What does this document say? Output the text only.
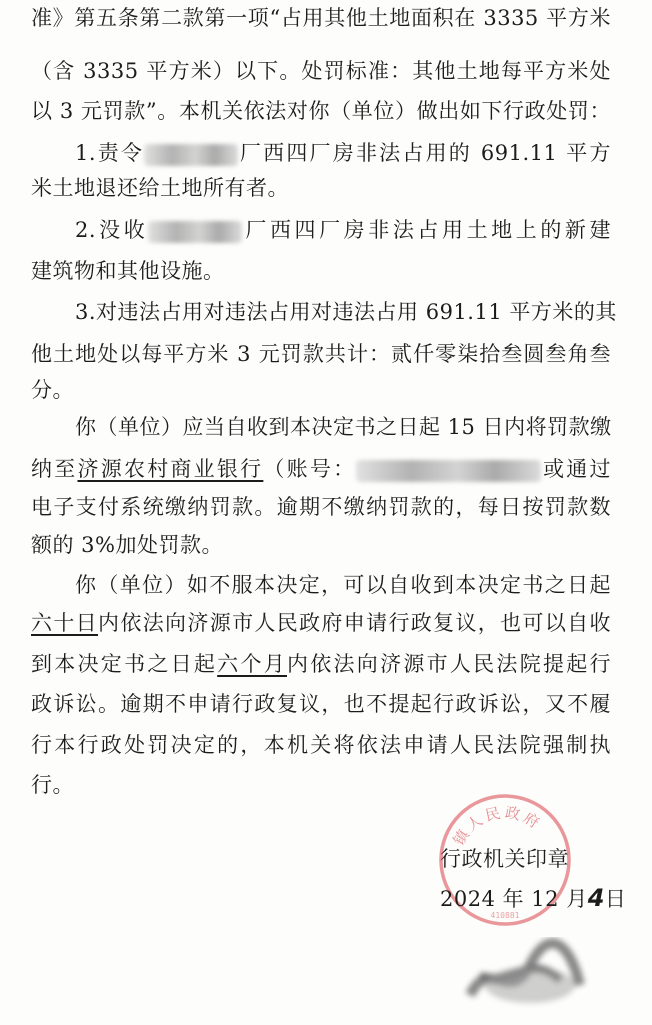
准》第五条第二款第一项“占用其他土地面积在 3335 平方米
（含 3335 平方米）以下。处罚标准：其他土地每平方米处
以 3 元罚款”。本机关依法对你（单位）做出如下行政处罚：
1.责令	厂西四厂房非法占用的 691.11 平方
米土地退还给土地所有者。
2.没收	厂西四厂房非法占用土地上的新建
建筑物和其他设施。
3.对违法占用对违法占用对违法占用 691.11 平方米的其
他土地处以每平方米 3 元罚款共计：贰仟零柒拾叁圆叁角叁
分。
你（单位）应当自收到本决定书之日起 15 日内将罚款缴
纳至济源农村商业银行（账号：	或通过
电子支付系统缴纳罚款。逾期不缴纳罚款的，每日按罚款数
额的 3%加处罚款。
你（单位）如不服本决定，可以自收到本决定书之日起
六十日内依法向济源市人民政府申请行政复议，也可以自收
到本决定书之日起六个月内依法向济源市人民法院提起行
政诉讼。逾期不申请行政复议，也不提起行政诉讼，又不履
行本行政处罚决定的，本机关将依法申请人民法院强制执
行。
镇人民政府
410881
行政机关印章
2024 年 12 月4日
